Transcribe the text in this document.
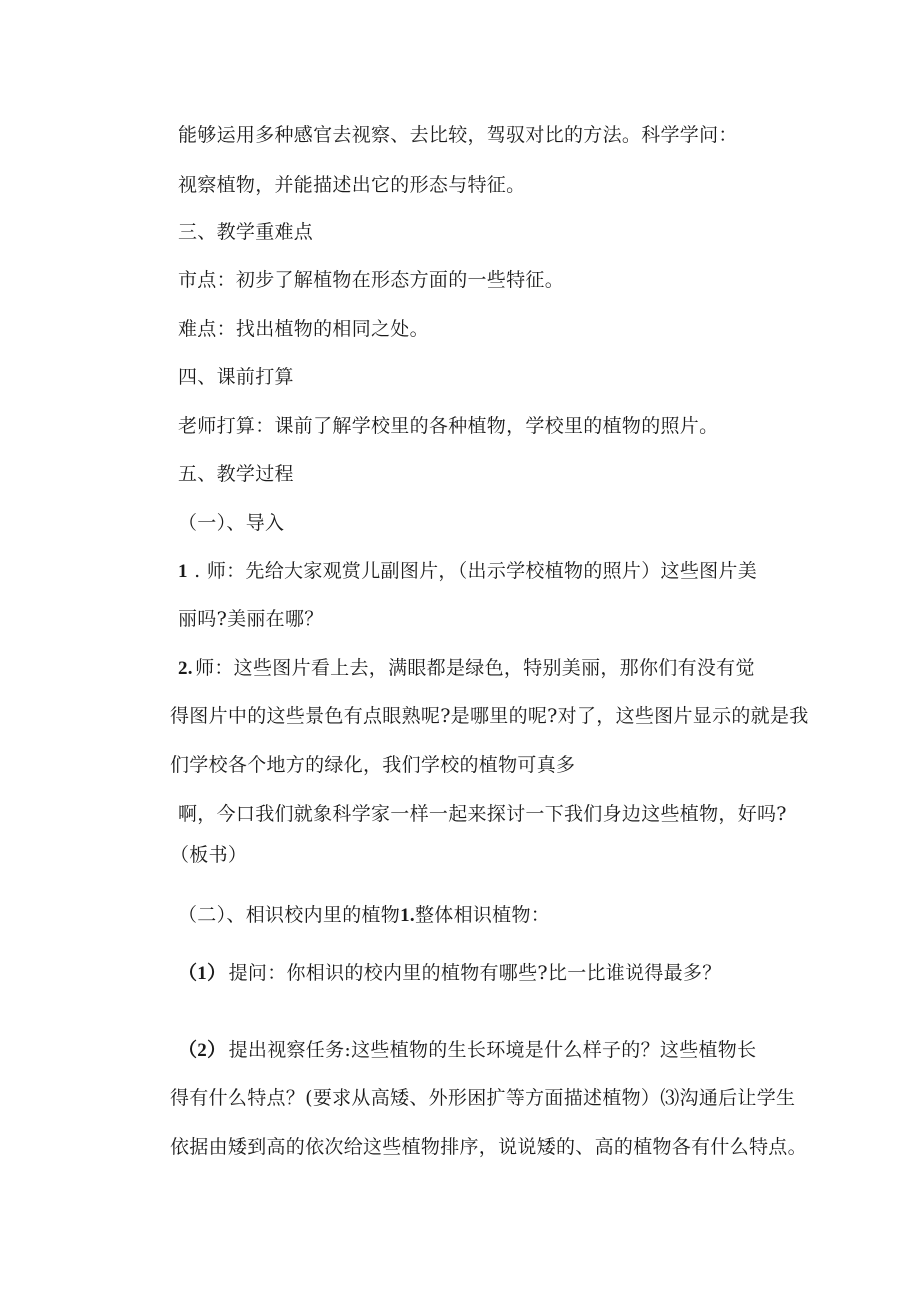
能够运用多种感官去视察、去比较，驾驭对比的方法。科学学问：
视察植物，并能描述出它的形态与特征。
三、教学重难点
市点：初步了解植物在形态方面的一些特征。
难点：找出植物的相同之处。
四、课前打算
老师打算：课前了解学校里的各种植物，学校里的植物的照片。
五、教学过程
（一）、导入
1 . 师：先给大家观赏儿副图片，（出示学校植物的照片）这些图片美
丽吗?美丽在哪？
2.  师：这些图片看上去，满眼都是绿色，特别美丽，那你们有没有觉
得图片中的这些景色有点眼熟呢?是哪里的呢?对了，这些图片显示的就是我
们学校各个地方的绿化，我们学校的植物可真多
啊，今口我们就象科学家一样一起来探讨一下我们身边这些植物，好吗?
（板书）
（二）、相识校内里的植物1.整体相识植物：
（1）  提问：你相识的校内里的植物有哪些?比一比谁说得最多？
（2）  提出视察任务:这些植物的生长环境是什么样子的？这些植物长
得有什么特点？(要求从高矮、外形困扩等方面描述植物）⑶沟通后让学生
依据由矮到高的依次给这些植物排序，说说矮的、高的植物各有什么特点。
